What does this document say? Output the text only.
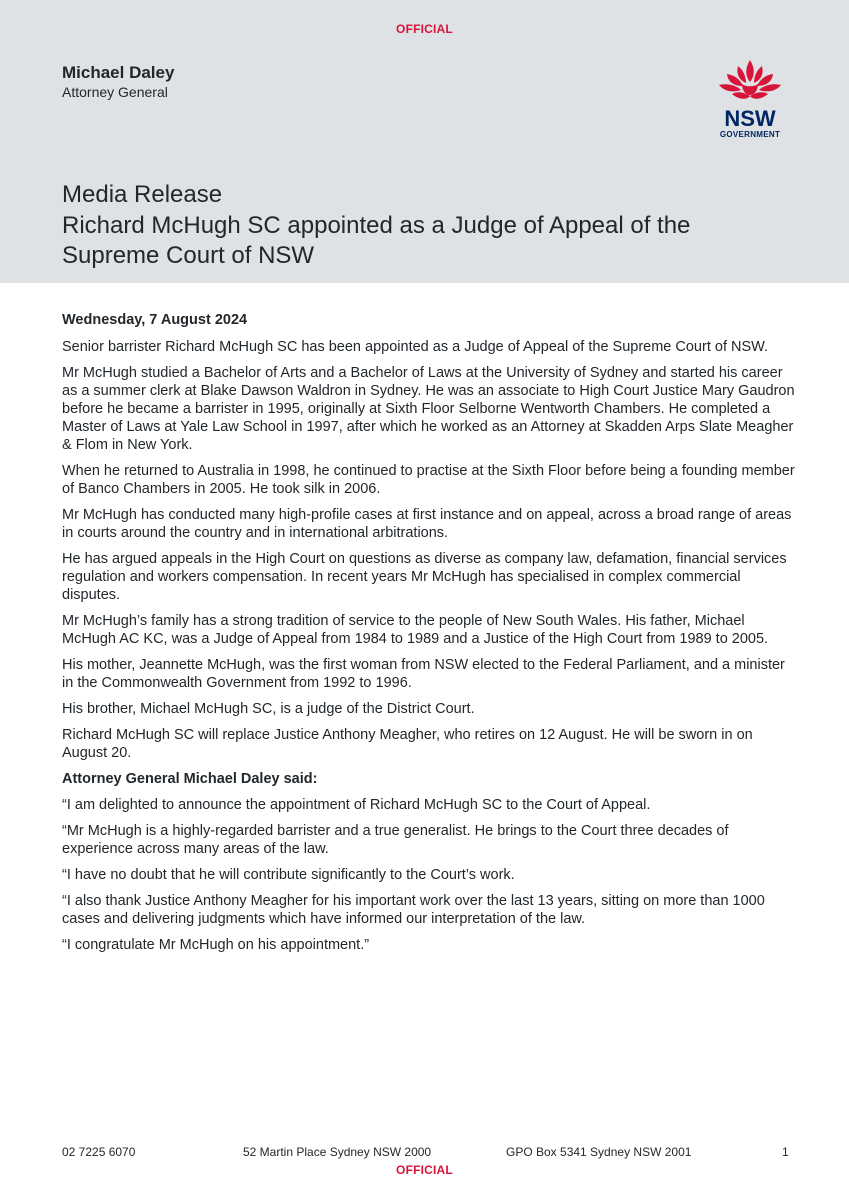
Michael Daley
Attorney General
NSW
GOVERNMENT
Media Release
Richard McHugh SC appointed as a Judge of Appeal of the Supreme Court of NSW
OFFICIAL

Wednesday, 7 August 2024

Senior barrister Richard McHugh SC has been appointed as a Judge of Appeal of the Supreme Court of NSW.

Mr McHugh studied a Bachelor of Arts and a Bachelor of Laws at the University of Sydney and started his career as a summer clerk at Blake Dawson Waldron in Sydney. He was an associate to High Court Justice Mary Gaudron before he became a barrister in 1995, originally at Sixth Floor Selborne Wentworth Chambers. He completed a Master of Laws at Yale Law School in 1997, after which he worked as an Attorney at Skadden Arps Slate Meagher & Flom in New York.

When he returned to Australia in 1998, he continued to practise at the Sixth Floor before being a founding member of Banco Chambers in 2005. He took silk in 2006.

Mr McHugh has conducted many high-profile cases at first instance and on appeal, across a broad range of areas in courts around the country and in international arbitrations.

He has argued appeals in the High Court on questions as diverse as company law, defamation, financial services regulation and workers compensation. In recent years Mr McHugh has specialised in complex commercial disputes.

Mr McHugh’s family has a strong tradition of service to the people of New South Wales. His father, Michael McHugh AC KC, was a Judge of Appeal from 1984 to 1989 and a Justice of the High Court from 1989 to 2005.

His mother, Jeannette McHugh, was the first woman from NSW elected to the Federal Parliament, and a minister in the Commonwealth Government from 1992 to 1996.

His brother, Michael McHugh SC, is a judge of the District Court.

Richard McHugh SC will replace Justice Anthony Meagher, who retires on 12 August. He will be sworn in on August 20.

Attorney General Michael Daley said:

“I am delighted to announce the appointment of Richard McHugh SC to the Court of Appeal.

“Mr McHugh is a highly-regarded barrister and a true generalist. He brings to the Court three decades of experience across many areas of the law.

“I have no doubt that he will contribute significantly to the Court’s work.

“I also thank Justice Anthony Meagher for his important work over the last 13 years, sitting on more than 1000 cases and delivering judgments which have informed our interpretation of the law.

“I congratulate Mr McHugh on his appointment.”

02 7225 6070	52 Martin Place Sydney NSW 2000	GPO Box 5341 Sydney NSW 2001	1
OFFICIAL
